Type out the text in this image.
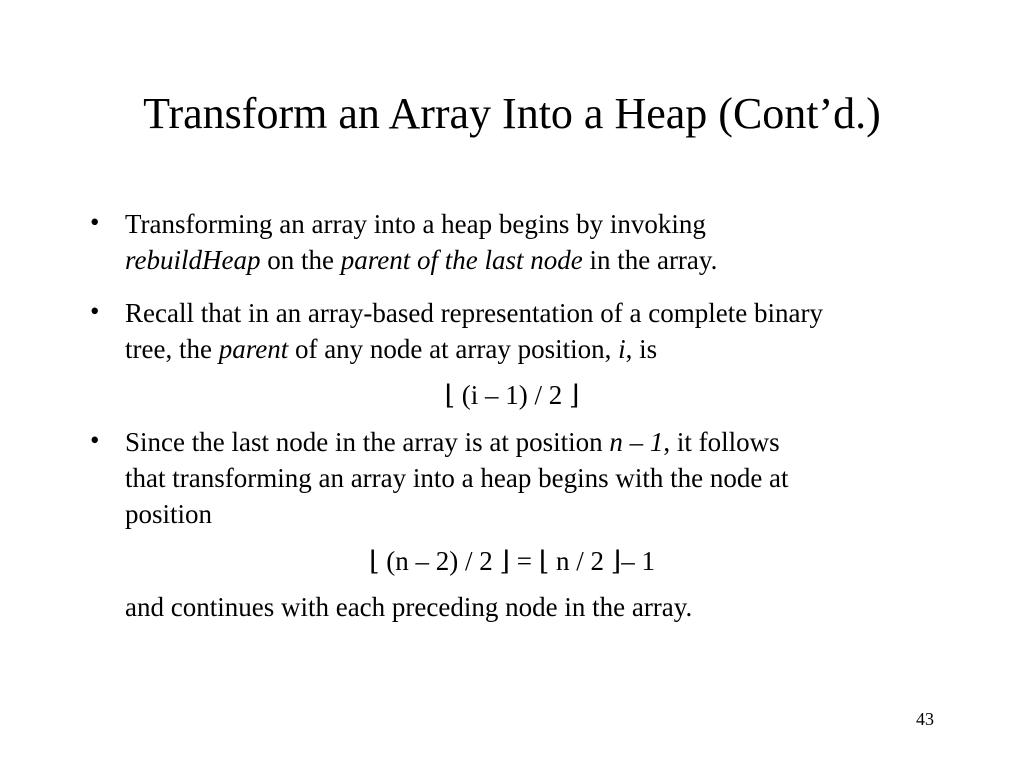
Transform an Array Into a Heap (Cont’d.)
• Transforming an array into a heap begins by invoking
rebuildHeap on the parent of the last node in the array.
• Recall that in an array-based representation of a complete binary
tree, the parent of any node at array position, i, is
⌊ (i – 1) / 2 ⌋
• Since the last node in the array is at position n – 1, it follows
that transforming an array into a heap begins with the node at
position
⌊ (n – 2) / 2 ⌋ = ⌊ n / 2 ⌋– 1
and continues with each preceding node in the array.
43
